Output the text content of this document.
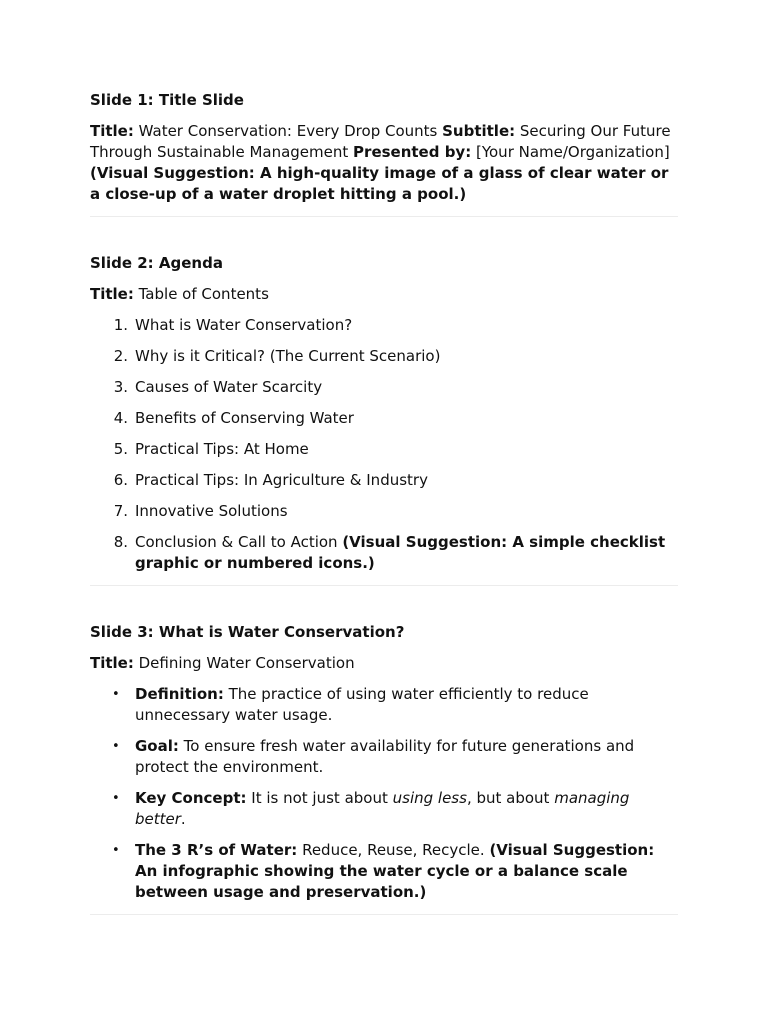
Slide 1: Title Slide

Title: Water Conservation: Every Drop Counts Subtitle: Securing Our Future Through Sustainable Management Presented by: [Your Name/Organization] (Visual Suggestion: A high-quality image of a glass of clear water or a close-up of a water droplet hitting a pool.)

Slide 2: Agenda

Title: Table of Contents

1. What is Water Conservation?
2. Why is it Critical? (The Current Scenario)
3. Causes of Water Scarcity
4. Benefits of Conserving Water
5. Practical Tips: At Home
6. Practical Tips: In Agriculture & Industry
7. Innovative Solutions
8. Conclusion & Call to Action (Visual Suggestion: A simple checklist graphic or numbered icons.)

Slide 3: What is Water Conservation?

Title: Defining Water Conservation

• Definition: The practice of using water efficiently to reduce unnecessary water usage.
• Goal: To ensure fresh water availability for future generations and protect the environment.
• Key Concept: It is not just about using less, but about managing better.
• The 3 R’s of Water: Reduce, Reuse, Recycle. (Visual Suggestion: An infographic showing the water cycle or a balance scale between usage and preservation.)
